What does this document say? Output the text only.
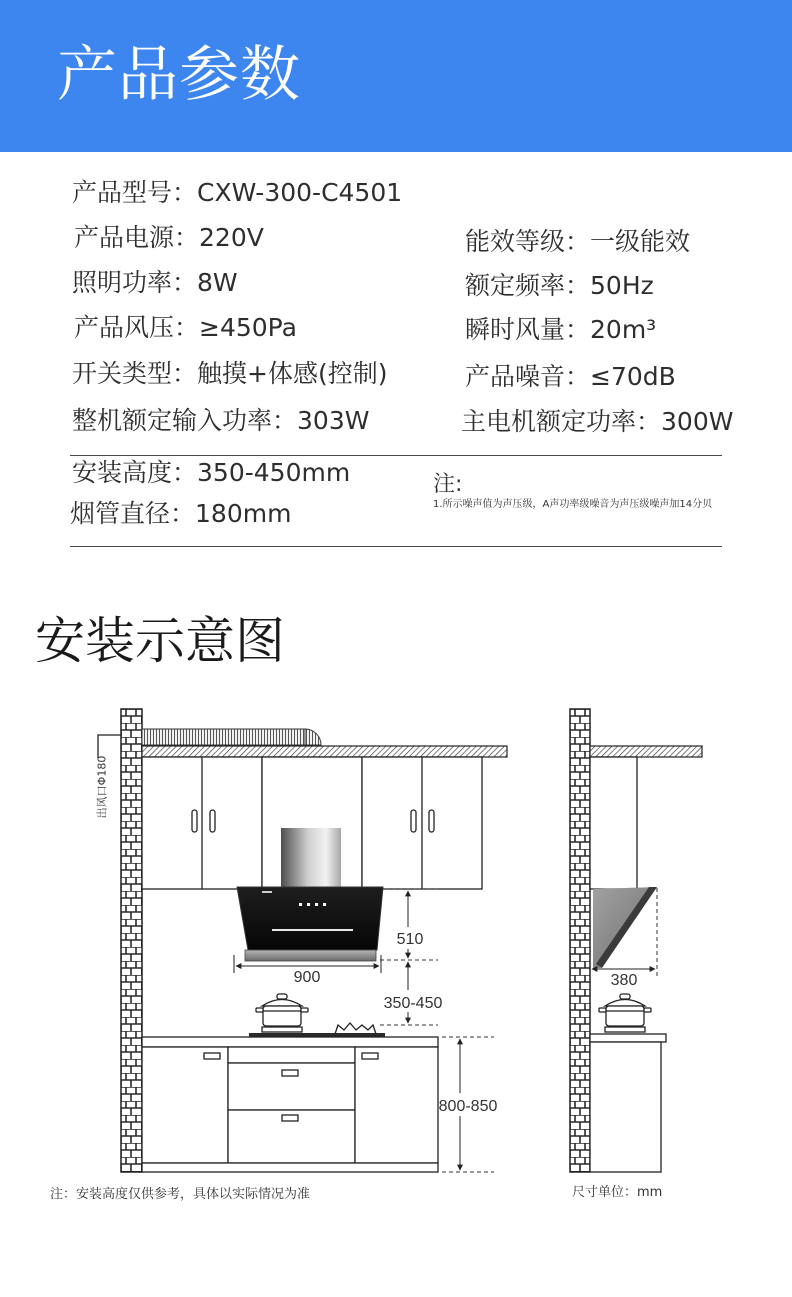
产品参数
产品型号：CXW-300-C4501
产品电源：220V
照明功率：8W
产品风压：≥450Pa
开关类型：触摸+体感(控制)
整机额定输入功率：303W
能效等级：一级能效
额定频率：50Hz
瞬时风量：20m³
产品噪音：≤70dB
主电机额定功率：300W
安装高度：350-450mm
烟管直径：180mm
注:
1.所示噪声值为声压级，A声功率级噪音为声压级噪声加14分贝
安装示意图
出风口Φ180
510
900
350-450
800-850
380
注：安装高度仅供参考，具体以实际情况为准	尺寸单位：mm
